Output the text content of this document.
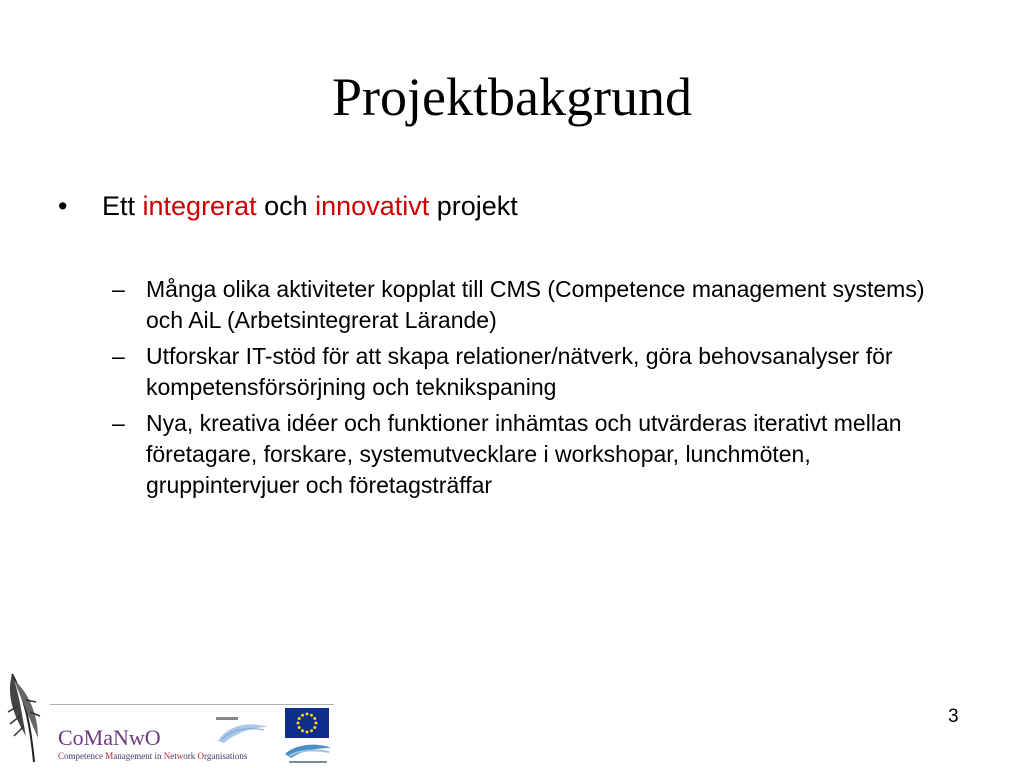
Projektbakgrund
•	Ett integrerat och innovativt projekt
– Många olika aktiviteter kopplat till CMS (Competence management systems) och AiL (Arbetsintegrerat Lärande)
– Utforskar IT-stöd för att skapa relationer/nätverk, göra behovsanalyser för kompetensförsörjning och teknikspaning
– Nya, kreativa idéer och funktioner inhämtas och utvärderas iterativt mellan företagare, forskare, systemutvecklare i workshopar, lunchmöten, gruppintervjuer och företagsträffar
3
CoMaNwO
Competence Management in Network Organisations
